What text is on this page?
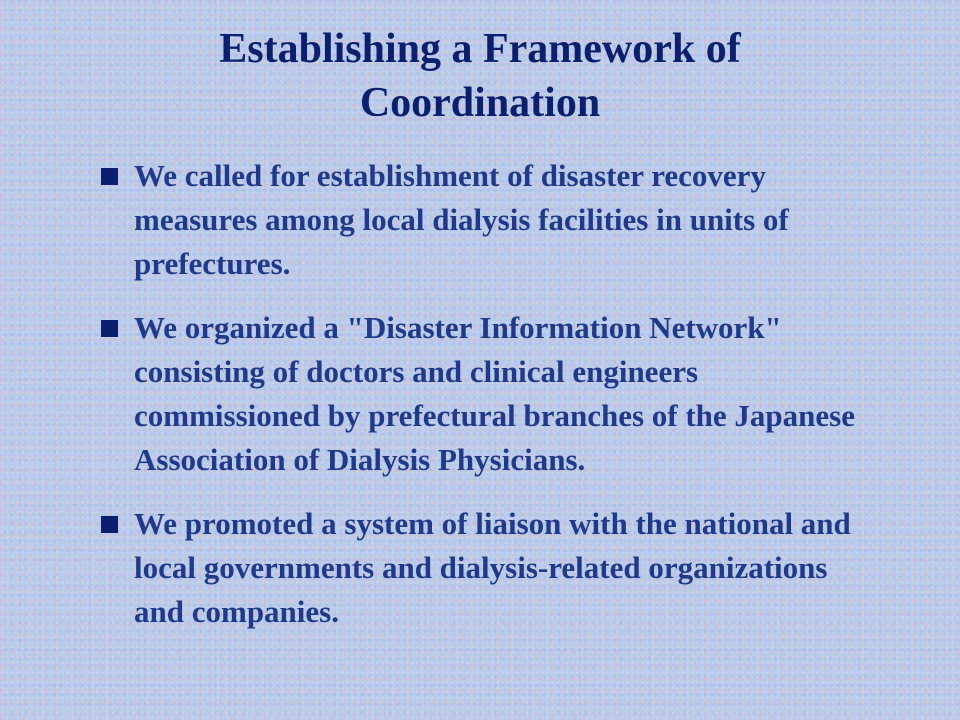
Establishing a Framework of
Coordination
We called for establishment of disaster recovery measures among local dialysis facilities in units of prefectures.
We organized a "Disaster Information Network" consisting of doctors and clinical engineers commissioned by prefectural branches of the Japanese Association of Dialysis Physicians.
We promoted a system of liaison with the national and local governments and dialysis-related organizations and companies.
